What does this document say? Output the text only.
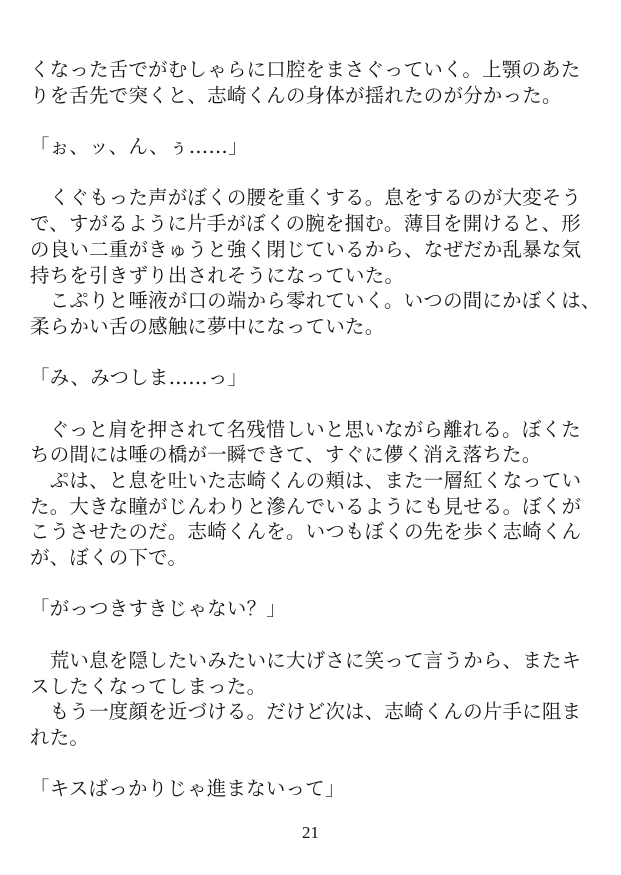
くなった舌でがむしゃらに口腔をまさぐっていく。上顎のあた
りを舌先で突くと、志崎くんの身体が揺れたのが分かった。
「ぉ、ッ、ん、ぅ……」
　くぐもった声がぼくの腰を重くする。息をするのが大変そう
で、すがるように片手がぼくの腕を掴む。薄目を開けると、形
の良い二重がきゅうと強く閉じているから、なぜだか乱暴な気
持ちを引きずり出されそうになっていた。
　こぷりと唾液が口の端から零れていく。いつの間にかぼくは、
柔らかい舌の感触に夢中になっていた。
「み、みつしま……っ」
　ぐっと肩を押されて名残惜しいと思いながら離れる。ぼくた
ちの間には唾の橋が一瞬できて、すぐに儚く消え落ちた。
　ぷは、と息を吐いた志崎くんの頬は、また一層紅くなってい
た。大きな瞳がじんわりと滲んでいるようにも見せる。ぼくが
こうさせたのだ。志崎くんを。いつもぼくの先を歩く志崎くん
が、ぼくの下で。
「がっつきすきじゃない？」
　荒い息を隠したいみたいに大げさに笑って言うから、またキ
スしたくなってしまった。
　もう一度顔を近づける。だけど次は、志崎くんの片手に阻ま
れた。
「キスばっかりじゃ進まないって」
21
